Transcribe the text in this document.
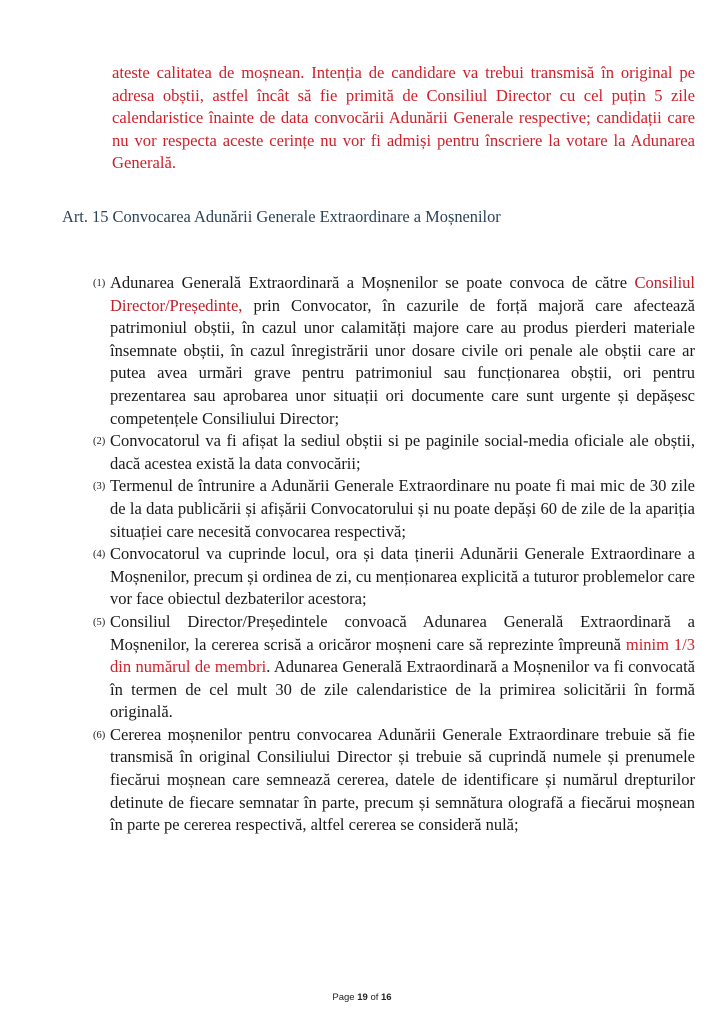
ateste calitatea de moșnean. Intenția de candidare va trebui transmisă în original pe adresa obștii, astfel încât să fie primită de Consiliul Director cu cel puțin 5 zile calendaristice înainte de data convocării Adunării Generale respective; candidații care nu vor respecta aceste cerințe nu vor fi admiși pentru înscriere la votare la Adunarea Generală.
Art. 15 Convocarea Adunării Generale Extraordinare a Moșnenilor
(1) Adunarea Generală Extraordinară a Moșnenilor se poate convoca de către Consiliul Director/Președinte, prin Convocator, în cazurile de forță majoră care afectează patrimoniul obștii, în cazul unor calamități majore care au produs pierderi materiale însemnate obștii, în cazul înregistrării unor dosare civile ori penale ale obștii care ar putea avea urmări grave pentru patrimoniul sau funcționarea obștii, ori pentru prezentarea sau aprobarea unor situații ori documente care sunt urgente și depășesc competențele Consiliului Director;
(2) Convocatorul va fi afișat la sediul obștii si pe paginile social-media oficiale ale obștii, dacă acestea există la data convocării;
(3) Termenul de întrunire a Adunării Generale Extraordinare nu poate fi mai mic de 30 zile de la data publicării și afișării Convocatorului și nu poate depăși 60 de zile de la apariția situației care necesită convocarea respectivă;
(4) Convocatorul va cuprinde locul, ora și data ținerii Adunării Generale Extraordinare a Moșnenilor, precum și ordinea de zi, cu menționarea explicită a tuturor problemelor care vor face obiectul dezbaterilor acestora;
(5) Consiliul Director/Președintele convoacă Adunarea Generală Extraordinară a Moșnenilor, la cererea scrisă a oricăror moșneni care să reprezinte împreună minim 1/3 din numărul de membri. Adunarea Generală Extraordinară a Moșnenilor va fi convocată în termen de cel mult 30 de zile calendaristice de la primirea solicitării în formă originală.
(6) Cererea moșnenilor pentru convocarea Adunării Generale Extraordinare trebuie să fie transmisă în original Consiliului Director și trebuie să cuprindă numele și prenumele fiecărui moșnean care semnează cererea, datele de identificare și numărul drepturilor detinute de fiecare semnatar în parte, precum și semnătura olografă a fiecărui moșnean în parte pe cererea respectivă, altfel cererea se consideră nulă;
Page 19 of 16
